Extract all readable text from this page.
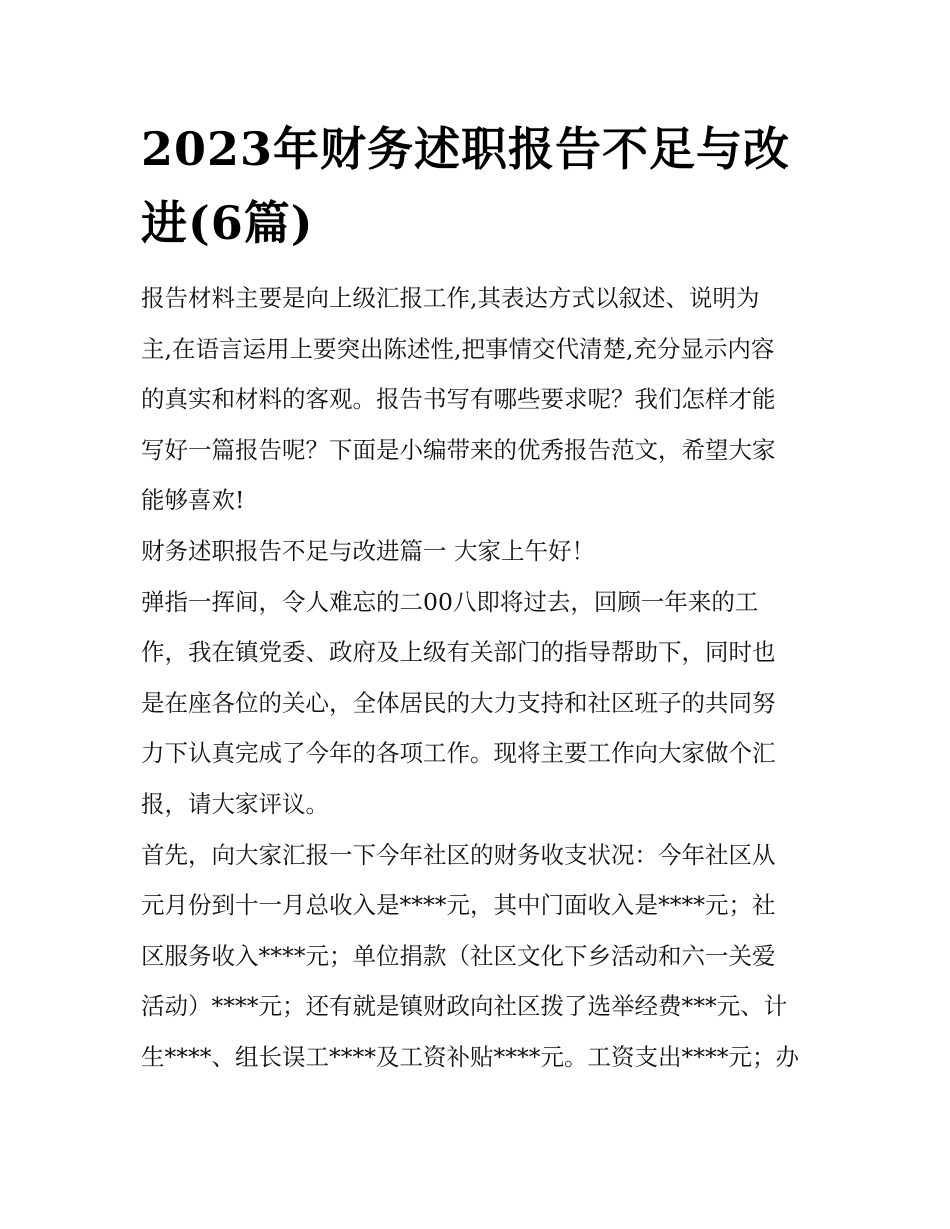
2023年财务述职报告不足与改
进(6篇)
报告材料主要是向上级汇报工作,其表达方式以叙述、说明为
主,在语言运用上要突出陈述性,把事情交代清楚,充分显示内容
的真实和材料的客观。报告书写有哪些要求呢？我们怎样才能
写好一篇报告呢？下面是小编带来的优秀报告范文，希望大家
能够喜欢!
财务述职报告不足与改进篇一 大家上午好！
弹指一挥间，令人难忘的二00八即将过去，回顾一年来的工
作，我在镇党委、政府及上级有关部门的指导帮助下，同时也
是在座各位的关心，全体居民的大力支持和社区班子的共同努
力下认真完成了今年的各项工作。现将主要工作向大家做个汇
报，请大家评议。
首先，向大家汇报一下今年社区的财务收支状况：今年社区从
元月份到十一月总收入是****元，其中门面收入是****元；社
区服务收入****元；单位捐款（社区文化下乡活动和六一关爱
活动）****元；还有就是镇财政向社区拨了选举经费***元、计
生****、组长误工****及工资补贴****元。工资支出****元；办
